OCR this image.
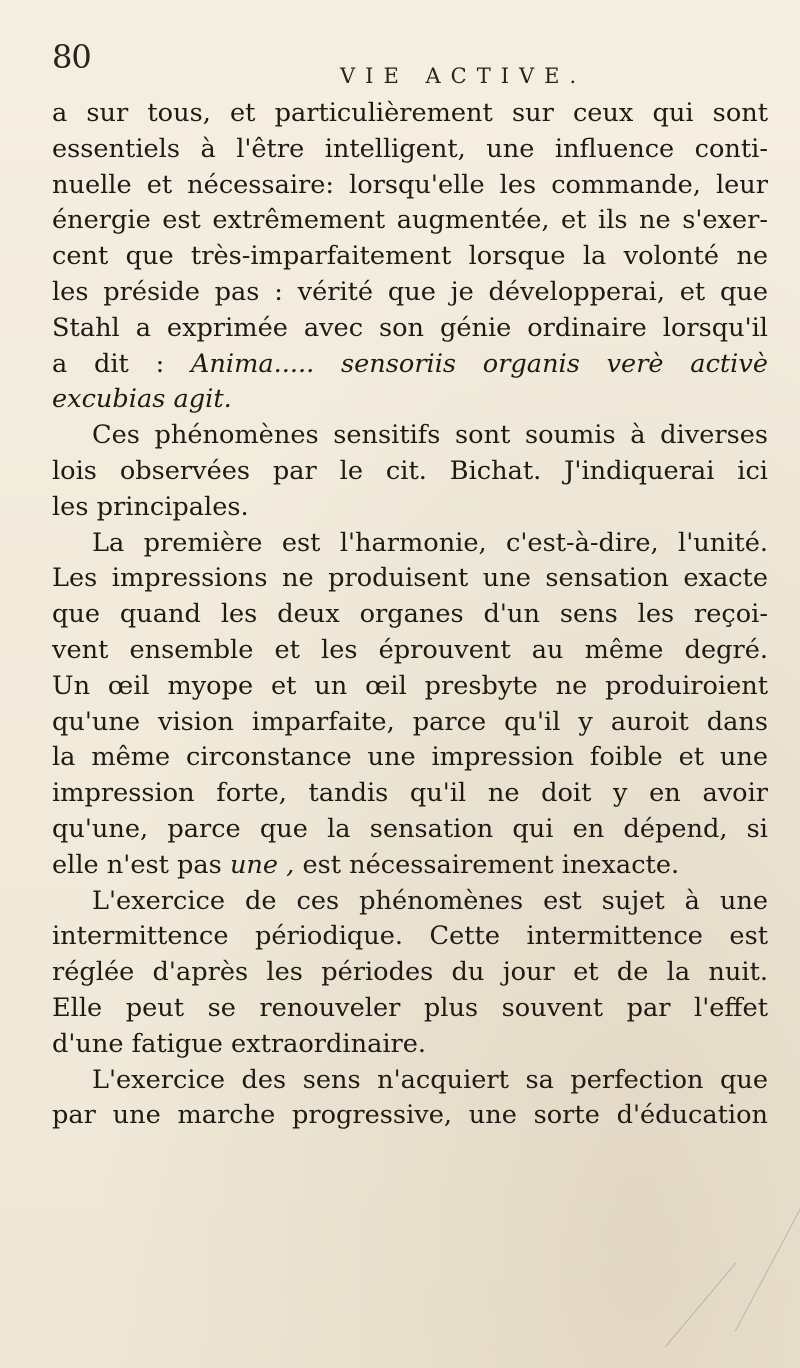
80	VIE ACTIVE.
a sur tous, et particulièrement sur ceux qui sont
essentiels à l'être intelligent, une influence conti-
nuelle et nécessaire: lorsqu'elle les commande, leur
énergie est extrêmement augmentée, et ils ne s'exer-
cent que très-imparfaitement lorsque la volonté ne
les préside pas : vérité que je développerai, et que
Stahl a exprimée avec son génie ordinaire lorsqu'il
a dit : Anima..... sensoriis organis verè activè
excubias agit.
Ces phénomènes sensitifs sont soumis à diverses
lois observées par le cit. Bichat. J'indiquerai ici
les principales.
La première est l'harmonie, c'est-à-dire, l'unité.
Les impressions ne produisent une sensation exacte
que quand les deux organes d'un sens les reçoi-
vent ensemble et les éprouvent au même degré.
Un œil myope et un œil presbyte ne produiroient
qu'une vision imparfaite, parce qu'il y auroit dans
la même circonstance une impression foible et une
impression forte, tandis qu'il ne doit y en avoir
qu'une, parce que la sensation qui en dépend, si
elle n'est pas une , est nécessairement inexacte.
L'exercice de ces phénomènes est sujet à une
intermittence périodique. Cette intermittence est
réglée d'après les périodes du jour et de la nuit.
Elle peut se renouveler plus souvent par l'effet
d'une fatigue extraordinaire.
L'exercice des sens n'acquiert sa perfection que
par une marche progressive, une sorte d'éducation
